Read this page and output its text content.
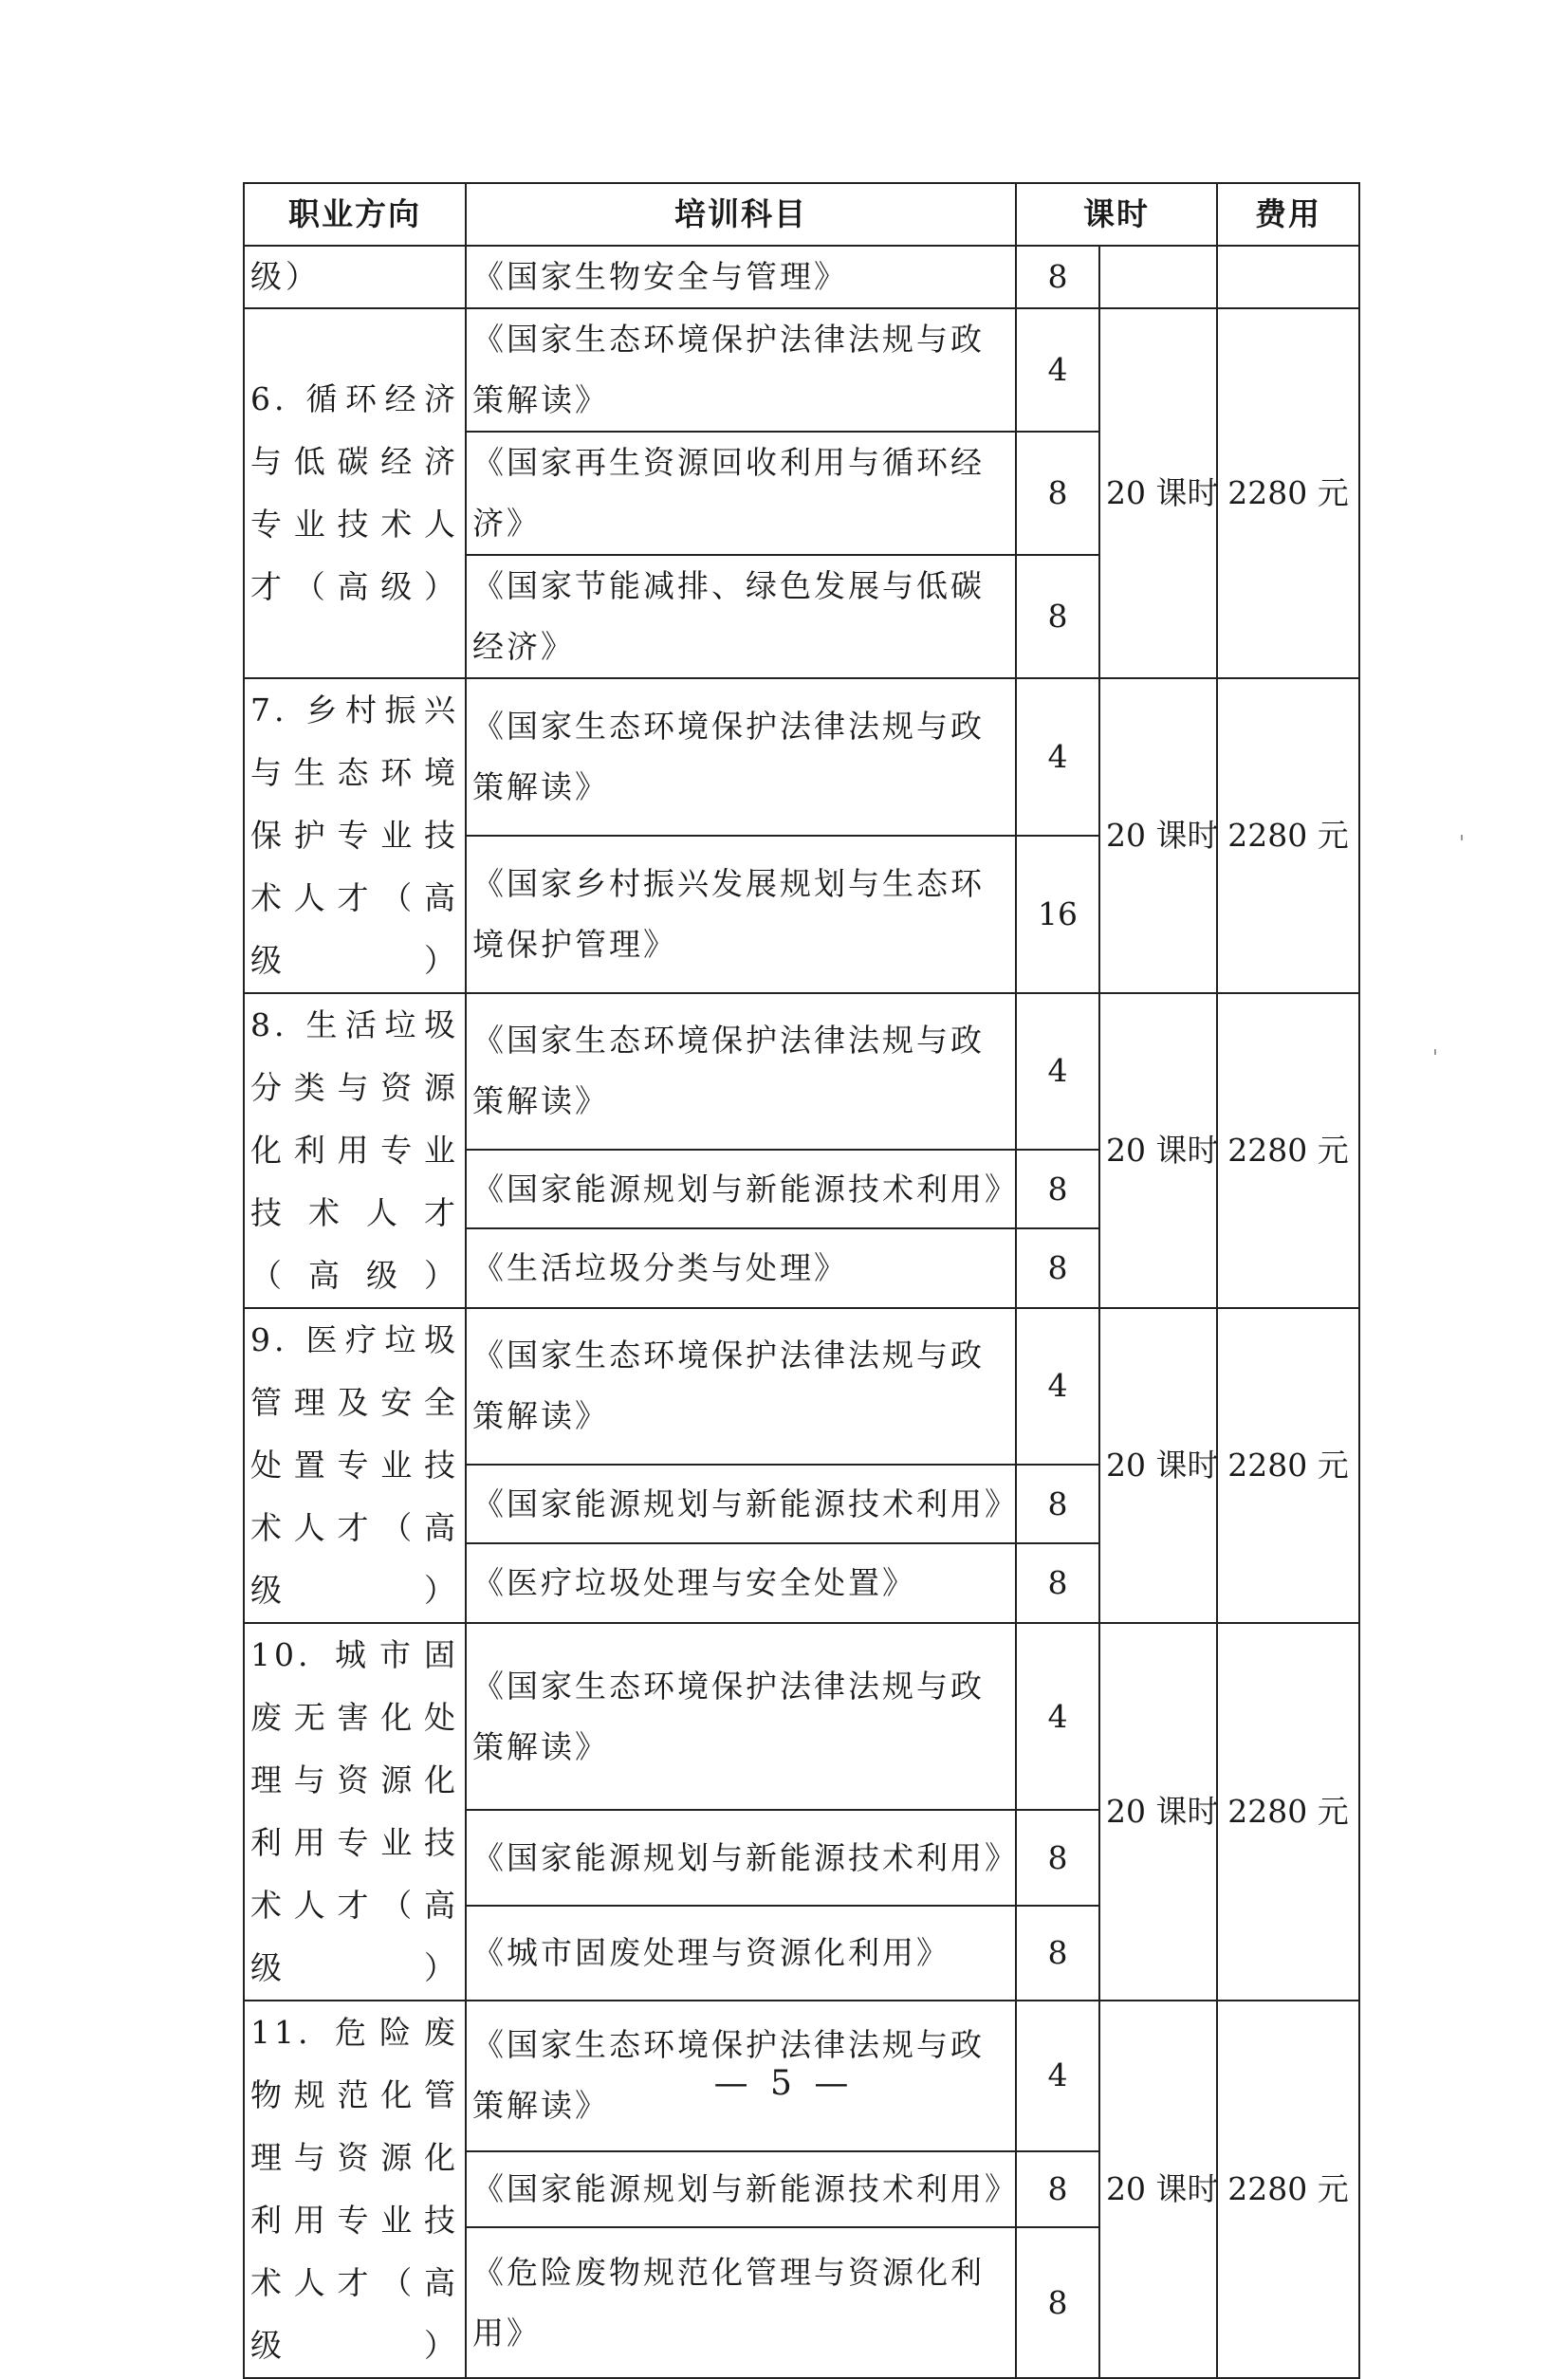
职业方向	培训科目	课时		费用
级）	《国家生物安全与管理》	8		
6. 循环经济与低碳经济专业技术人才（高级）	《国家生态环境保护法律法规与政策解读》	4	20 课时	2280 元
	《国家再生资源回收利用与循环经济》	8		
	《国家节能减排、绿色发展与低碳经济》	8		
7. 乡村振兴与生态环境保护专业技术人才（高级）	《国家生态环境保护法律法规与政策解读》	4	20 课时	2280 元
	《国家乡村振兴发展规划与生态环境保护管理》	16		
8. 生活垃圾分类与资源化利用专业技术人才（高级）	《国家生态环境保护法律法规与政策解读》	4	20 课时	2280 元
	《国家能源规划与新能源技术利用》	8		
	《生活垃圾分类与处理》	8		
9. 医疗垃圾管理及安全处置专业技术人才（高级）	《国家生态环境保护法律法规与政策解读》	4	20 课时	2280 元
	《国家能源规划与新能源技术利用》	8		
	《医疗垃圾处理与安全处置》	8		
10. 城市固废无害化处理与资源化利用专业技术人才（高级）	《国家生态环境保护法律法规与政策解读》	4	20 课时	2280 元
	《国家能源规划与新能源技术利用》	8		
	《城市固废处理与资源化利用》	8		
11. 危险废物规范化管理与资源化利用专业技术人才（高级）	《国家生态环境保护法律法规与政策解读》	4	20 课时	2280 元
	《国家能源规划与新能源技术利用》	8		
	《危险废物规范化管理与资源化利用》	8		
— 5 —
